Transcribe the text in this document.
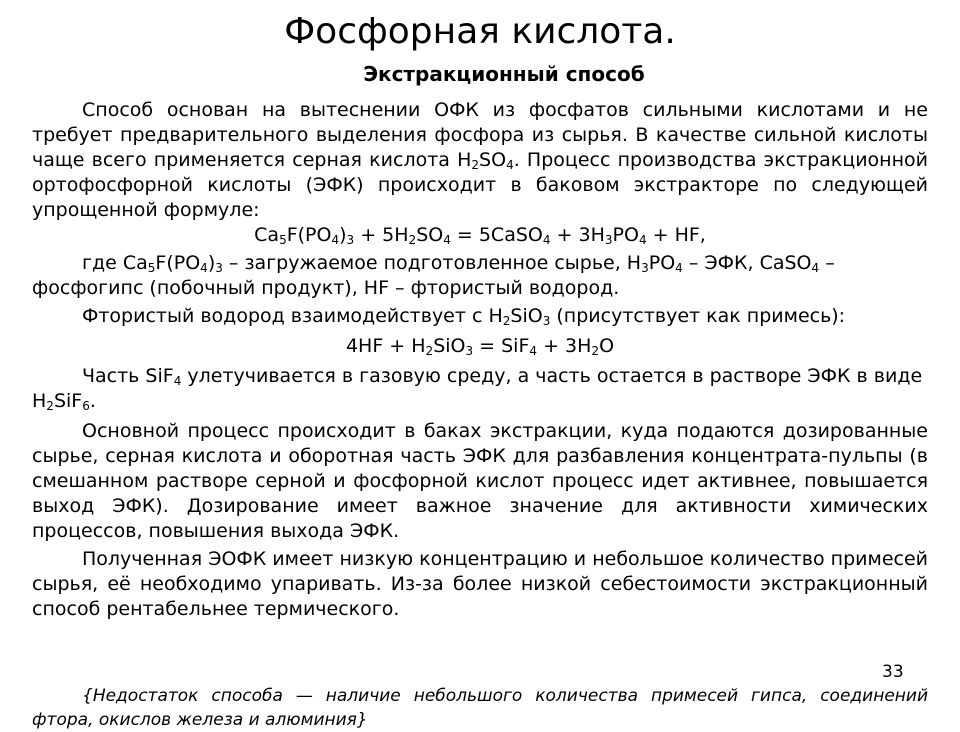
Фосфорная кислота.
Экстракционный способ

Способ основан на вытеснении ОФК из фосфатов сильными кислотами и не требует предварительного выделения фосфора из сырья. В качестве сильной кислоты чаще всего применяется серная кислота $H_2SO_4$. Процесс производства экстракционной ортофосфорной кислоты (ЭФК) происходит в баковом экстракторе по следующей упрощенной формуле:

$Ca_5F(PO_4)_3 + 5H_2SO_4$ = 5CaSO$_4$ + $3H_3PO_4$ + HF,

где $Ca_5F(PO_4)_3$ – загружаемое подготовленное сырье, $H_3PO_4$ – ЭФК, CaSO$_4$ – фосфогипс (побочный продукт), HF – фтористый водород.

Фтористый водород взаимодействует с $H_2SiO_3$ (присутствует как примесь):

$4HF + H_2SiO_3 = SiF_4 + 3H_2O$

Часть SiF$_4$ улетучивается в газовую среду, а часть остается в растворе ЭФК в виде $H_2SiF_6$.

Основной процесс происходит в баках экстракции, куда подаются дозированные сырье, серная кислота и оборотная часть ЭФК для разбавления концентрата-пульпы (в смешанном растворе серной и фосфорной кислот процесс идет активнее, повышается выход ЭФК). Дозирование имеет важное значение для активности химических процессов, повышения выхода ЭФК.

Полученная ЭОФК имеет низкую концентрацию и небольшое количество примесей сырья, её необходимо упаривать. Из-за более низкой себестоимости экстракционный способ рентабельнее термического.

33
{Недостаток способа — наличие небольшого количества примесей гипса, соединений фтора, окислов железа и алюминия}
